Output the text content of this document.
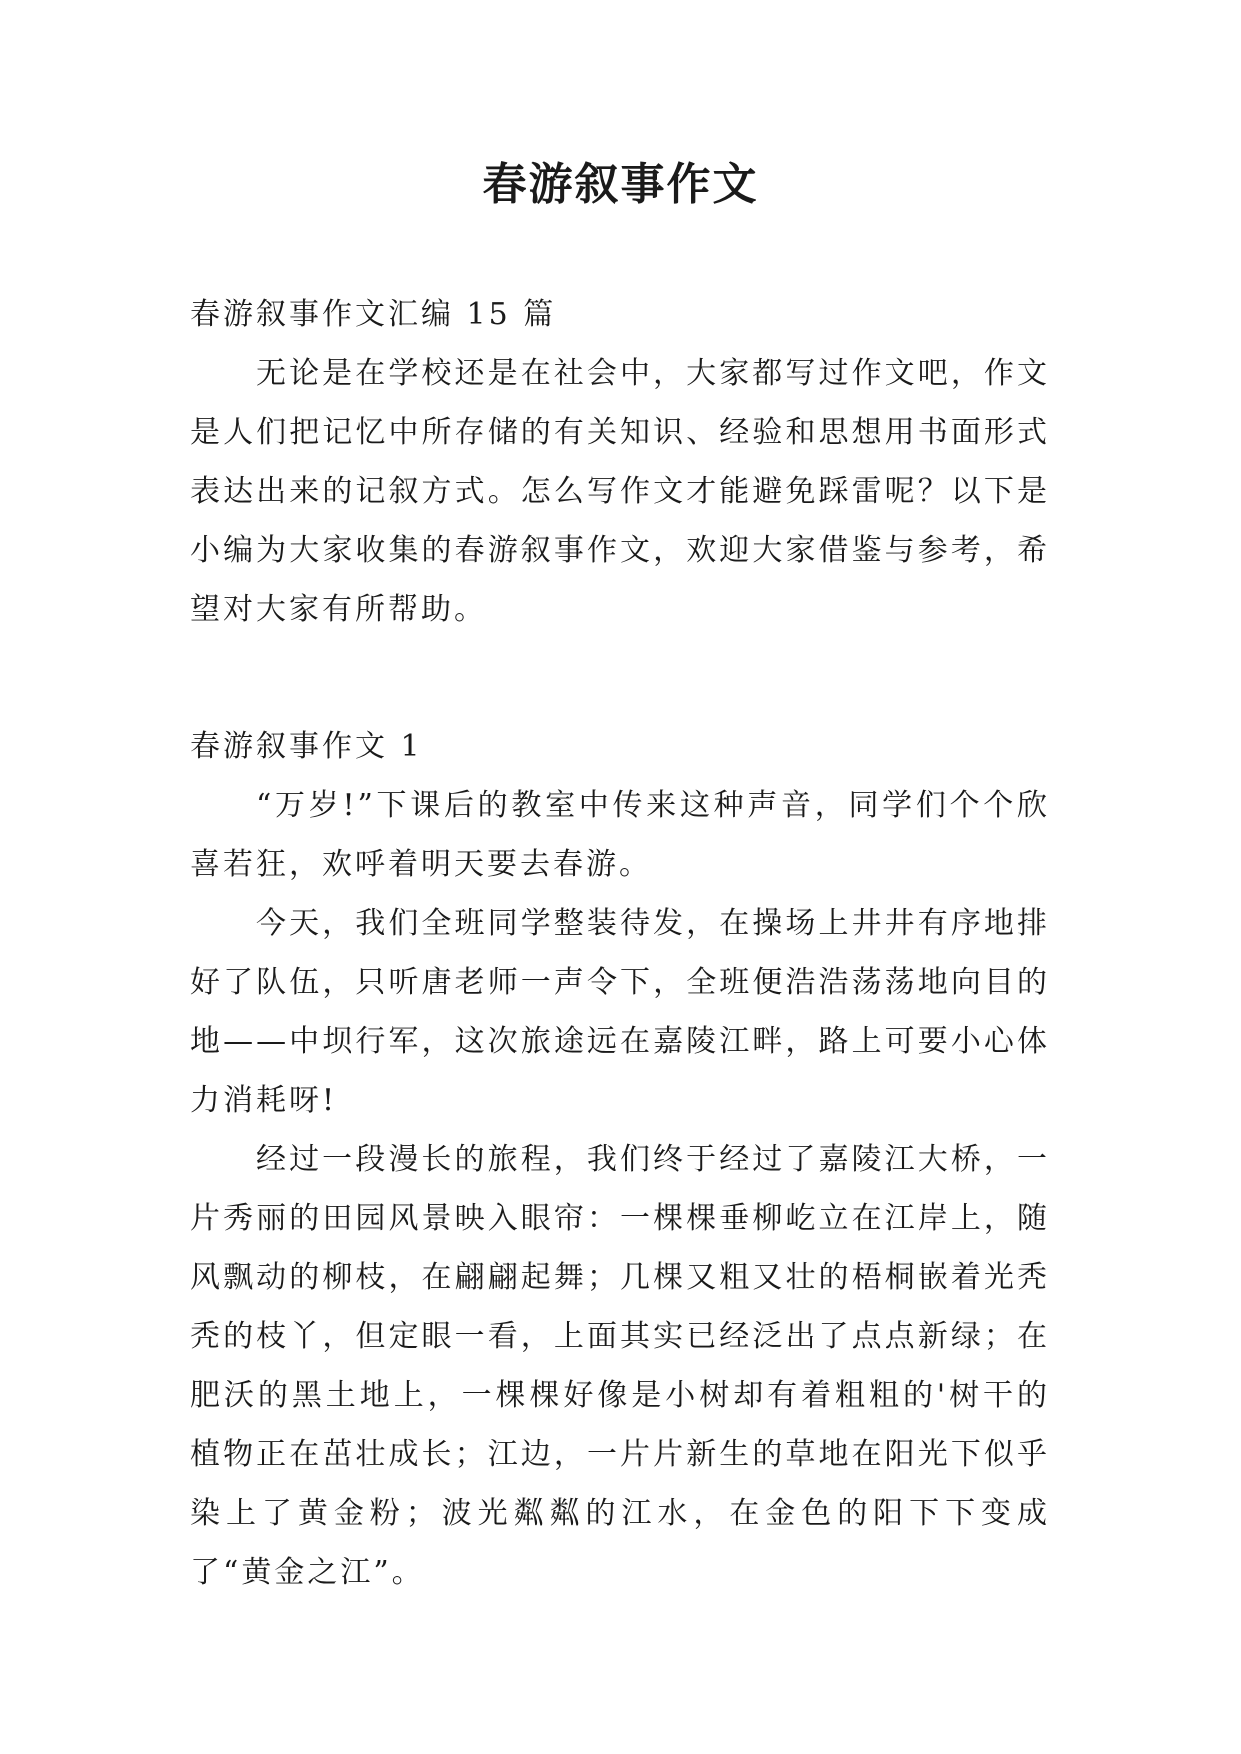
春游叙事作文

春游叙事作文汇编 15 篇

无论是在学校还是在社会中，大家都写过作文吧，作文是人们把记忆中所存储的有关知识、经验和思想用书面形式表达出来的记叙方式。怎么写作文才能避免踩雷呢？以下是小编为大家收集的春游叙事作文，欢迎大家借鉴与参考，希望对大家有所帮助。

春游叙事作文 1

“万岁!”下课后的教室中传来这种声音，同学们个个欣喜若狂，欢呼着明天要去春游。

今天，我们全班同学整装待发，在操场上井井有序地排好了队伍，只听唐老师一声令下，全班便浩浩荡荡地向目的地——中坝行军，这次旅途远在嘉陵江畔，路上可要小心体力消耗呀!

经过一段漫长的旅程，我们终于经过了嘉陵江大桥，一片秀丽的田园风景映入眼帘：一棵棵垂柳屹立在江岸上，随风飘动的柳枝，在翩翩起舞；几棵又粗又壮的梧桐嵌着光秃秃的枝丫，但定眼一看，上面其实已经泛出了点点新绿；在肥沃的黑土地上，一棵棵好像是小树却有着粗粗的'树干的植物正在茁壮成长；江边，一片片新生的草地在阳光下似乎染上了黄金粉；波光粼粼的江水，在金色的阳下下变成了“黄金之江”。
